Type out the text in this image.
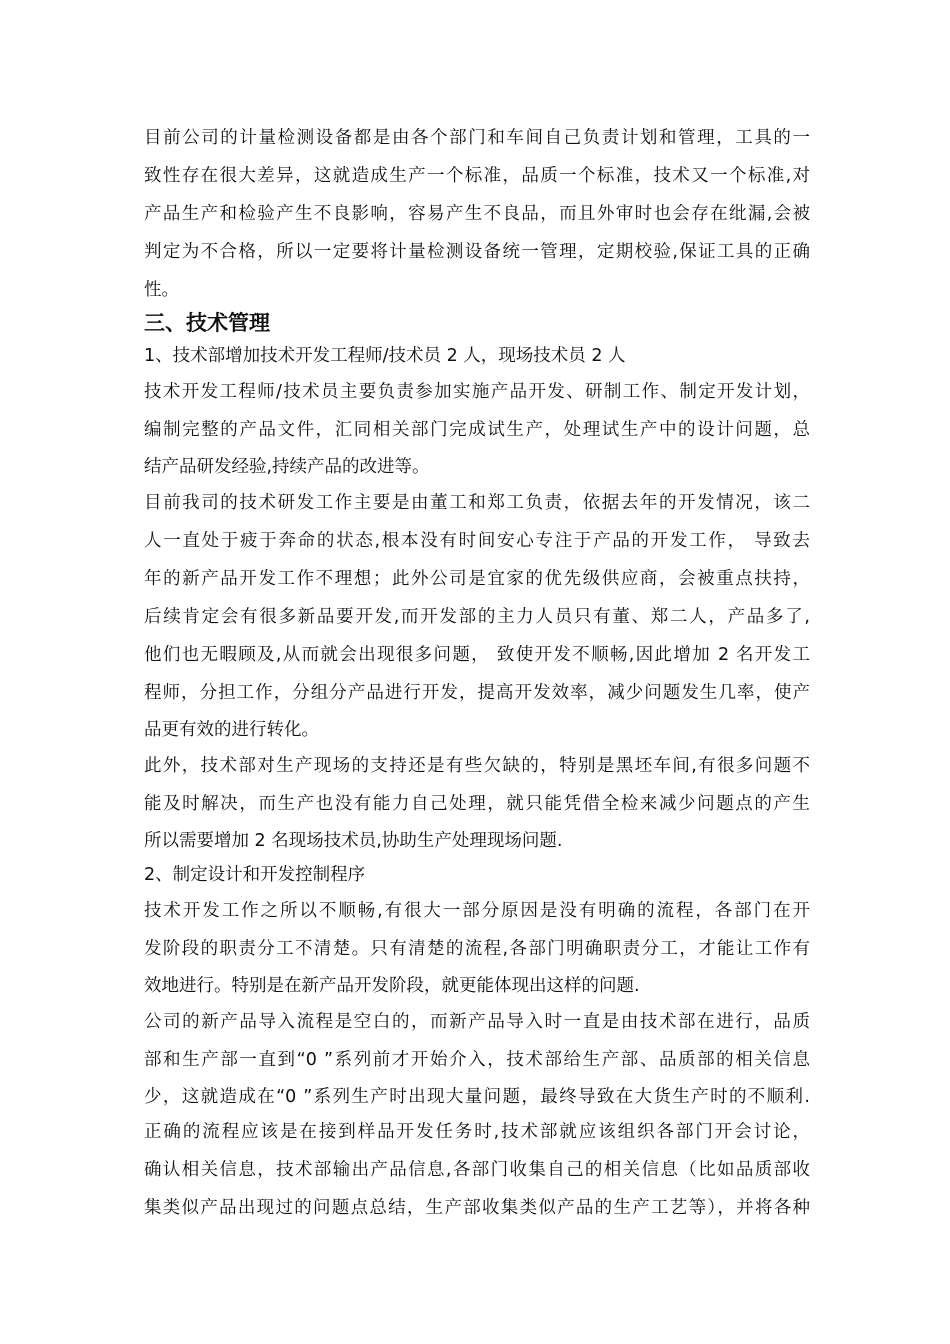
目前公司的计量检测设备都是由各个部门和车间自己负责计划和管理，工具的一
致性存在很大差异，这就造成生产一个标准，品质一个标准，技术又一个标准,对
产品生产和检验产生不良影响，容易产生不良品，而且外审时也会存在纰漏,会被
判定为不合格，所以一定要将计量检测设备统一管理，定期校验,保证工具的正确
性。
三、技术管理
1、技术部增加技术开发工程师/技术员 2 人，现场技术员 2 人
技术开发工程师/技术员主要负责参加实施产品开发、研制工作、制定开发计划，
编制完整的产品文件，汇同相关部门完成试生产，处理试生产中的设计问题，总
结产品研发经验,持续产品的改进等。
目前我司的技术研发工作主要是由董工和郑工负责，依据去年的开发情况，该二
人一直处于疲于奔命的状态,根本没有时间安心专注于产品的开发工作， 导致去
年的新产品开发工作不理想；此外公司是宜家的优先级供应商，会被重点扶持，
后续肯定会有很多新品要开发,而开发部的主力人员只有董、郑二人，产品多了,
他们也无暇顾及,从而就会出现很多问题， 致使开发不顺畅,因此增加 2 名开发工
程师，分担工作，分组分产品进行开发，提高开发效率，减少问题发生几率，使产
品更有效的进行转化。
此外，技术部对生产现场的支持还是有些欠缺的，特别是黑坯车间,有很多问题不
能及时解决，而生产也没有能力自己处理，就只能凭借全检来减少问题点的产生
所以需要增加 2 名现场技术员,协助生产处理现场问题.
2、制定设计和开发控制程序
技术开发工作之所以不顺畅,有很大一部分原因是没有明确的流程，各部门在开
发阶段的职责分工不清楚。只有清楚的流程,各部门明确职责分工，才能让工作有
效地进行。特别是在新产品开发阶段，就更能体现出这样的问题.
公司的新产品导入流程是空白的，而新产品导入时一直是由技术部在进行，品质
部和生产部一直到“0 ”系列前才开始介入，技术部给生产部、品质部的相关信息
少，这就造成在“0 ”系列生产时出现大量问题，最终导致在大货生产时的不顺利.
正确的流程应该是在接到样品开发任务时,技术部就应该组织各部门开会讨论，
确认相关信息，技术部输出产品信息,各部门收集自己的相关信息（比如品质部收
集类似产品出现过的问题点总结，生产部收集类似产品的生产工艺等），并将各种
